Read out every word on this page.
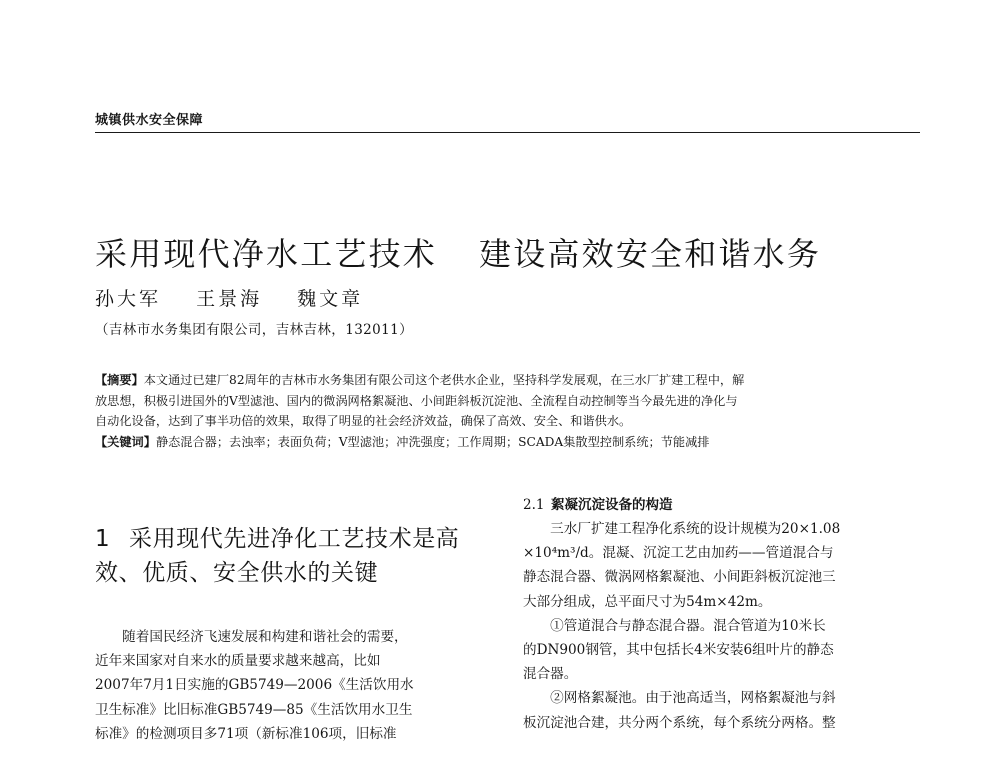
城镇供水安全保障
采用现代净水工艺技术 建设高效安全和谐水务
孙大军 王景海 魏文章
（吉林市水务集团有限公司，吉林吉林，132011）
【摘要】本文通过已建厂82周年的吉林市水务集团有限公司这个老供水企业，坚持科学发展观，在三水厂扩建工程中，解
放思想，积极引进国外的V型滤池、国内的微涡网格絮凝池、小间距斜板沉淀池、全流程自动控制等当今最先进的净化与
自动化设备，达到了事半功倍的效果，取得了明显的社会经济效益，确保了高效、安全、和谐供水。
【关键词】静态混合器；去浊率；表面负荷；V型滤池；冲洗强度；工作周期；SCADA集散型控制系统；节能减排
1 采用现代先进净化工艺技术是高
效、优质、安全供水的关键

　　随着国民经济飞速发展和构建和谐社会的需要，
近年来国家对自来水的质量要求越来越高，比如
2007年7月1日实施的GB5749—2006《生活饮用水
卫生标准》比旧标准GB5749—85《生活饮用水卫生
标准》的检测项目多71项（新标准106项，旧标准

2.1 絮凝沉淀设备的构造

　　三水厂扩建工程净化系统的设计规模为20×1.08
×10⁴m³/d。混凝、沉淀工艺由加药——管道混合与
静态混合器、微涡网格絮凝池、小间距斜板沉淀池三
大部分组成，总平面尺寸为54m×42m。
　　①管道混合与静态混合器。混合管道为10米长
的DN900钢管，其中包括长4米安装6组叶片的静态
混合器。
　　②网格絮凝池。由于池高适当，网格絮凝池与斜
板沉淀池合建，共分两个系统，每个系统分两格。整
